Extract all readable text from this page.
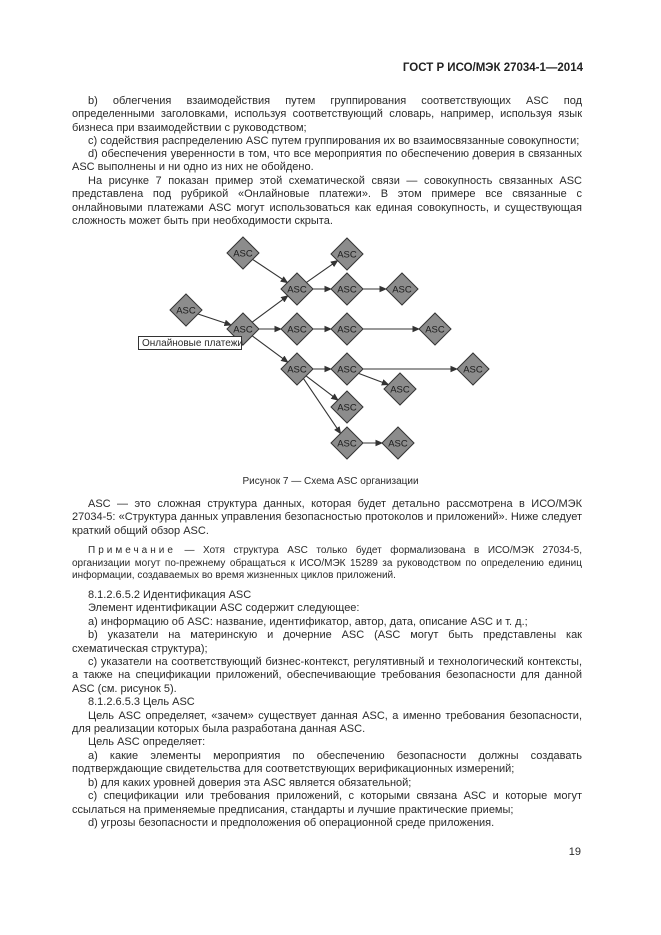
ГОСТ Р ИСО/МЭК 27034-1—2014

b) облегчения взаимодействия путем группирования соответствующих ASC под определенными заголовками, используя соответствующий словарь, например, используя язык бизнеса при взаимодействии с руководством;

c) содействия распределению ASC путем группирования их во взаимосвязанные совокупности;

d) обеспечения уверенности в том, что все мероприятия по обеспечению доверия в связанных ASC выполнены и ни одно из них не обойдено.

На рисунке 7 показан пример этой схематической связи — совокупность связанных ASC представлена под рубрикой «Онлайновые платежи». В этом примере все связанные с онлайновыми платежами ASC могут использоваться как единая совокупность, и существующая сложность может быть при необходимости скрыта.

ASC
ASC
ASC
ASC
ASC
ASC
ASC
ASC
ASC
ASC
ASC
ASC
ASC
ASC
ASC
ASC
ASC
Онлайновые платежи
Рисунок 7 — Схема ASC организации

ASC — это сложная структура данных, которая будет детально рассмотрена в ИСО/МЭК 27034-5: «Структура данных управления безопасностью протоколов и приложений». Ниже следует краткий общий обзор ASC.

Примечание — Хотя структура ASC только будет формализована в ИСО/МЭК 27034-5, организации могут по-прежнему обращаться к ИСО/МЭК 15289 за руководством по определению единиц информации, создаваемых во время жизненных циклов приложений.

8.1.2.6.5.2 Идентификация ASC

Элемент идентификации ASC содержит следующее:

a) информацию об ASC: название, идентификатор, автор, дата, описание ASC и т. д.;

b) указатели на материнскую и дочерние ASC (ASC могут быть представлены как схематическая структура);

c) указатели на соответствующий бизнес-контекст, регулятивный и технологический контексты, а также на спецификации приложений, обеспечивающие требования безопасности для данной ASC (см. рисунок 5).

8.1.2.6.5.3 Цель ASC

Цель ASC определяет, «зачем» существует данная ASC, а именно требования безопасности, для реализации которых была разработана данная ASC.

Цель ASC определяет:

a) какие элементы мероприятия по обеспечению безопасности должны создавать подтверждающие свидетельства для соответствующих верификационных измерений;

b) для каких уровней доверия эта ASC является обязательной;

c) спецификации или требования приложений, с которыми связана ASC и которые могут ссылаться на применяемые предписания, стандарты и лучшие практические приемы;

d) угрозы безопасности и предположения об операционной среде приложения.

19
